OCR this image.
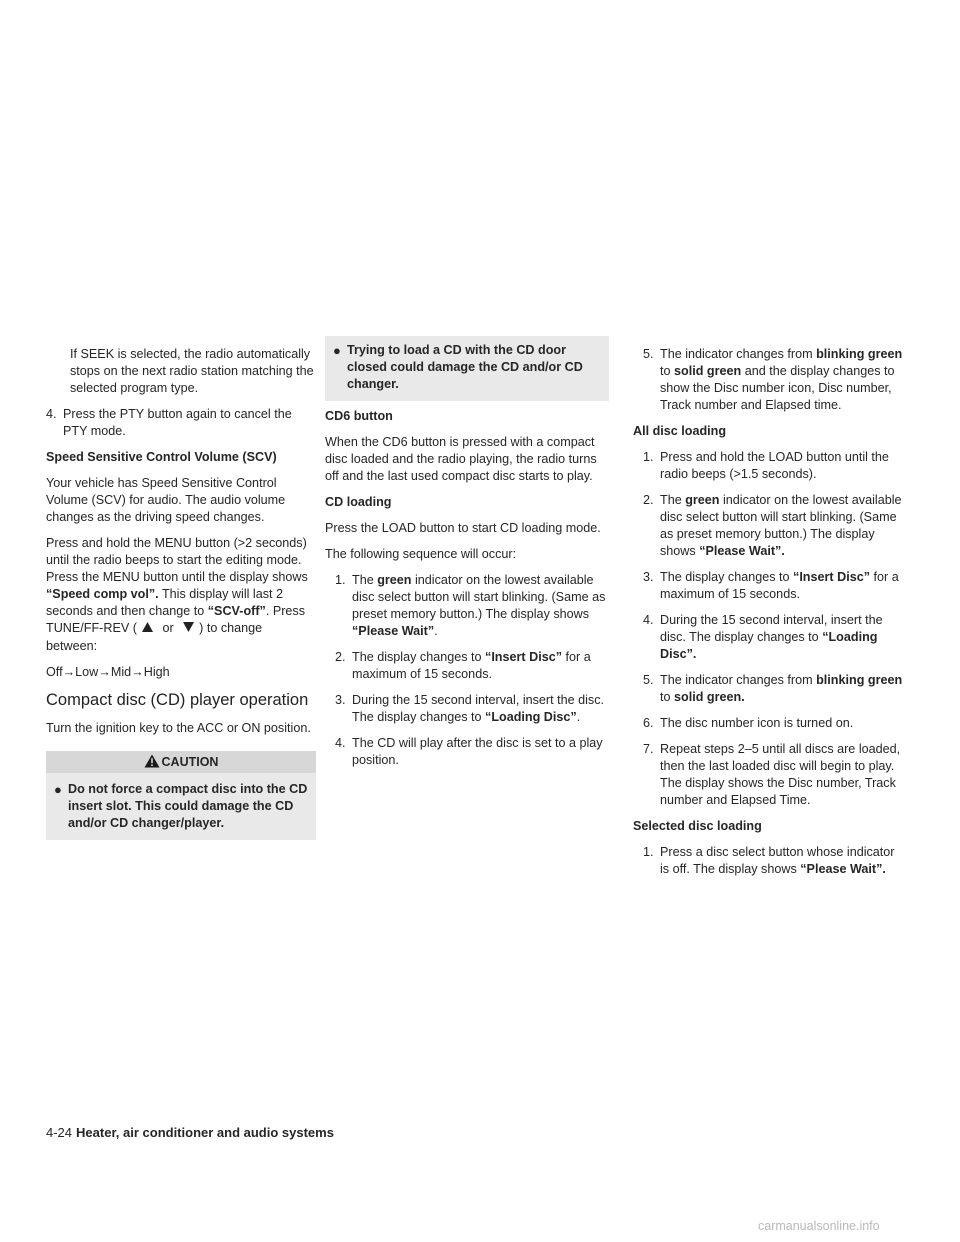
If SEEK is selected, the radio automatically stops on the next radio station matching the selected program type.

4. Press the PTY button again to cancel the PTY mode.
Speed Sensitive Control Volume (SCV)

Your vehicle has Speed Sensitive Control Volume (SCV) for audio. The audio volume changes as the driving speed changes.

Press and hold the MENU button (>2 seconds) until the radio beeps to start the editing mode. Press the MENU button until the display shows “Speed comp vol”. This display will last 2 seconds and then change to “SCV-off”. Press TUNE/FF-REV ( or ) to change between:

Off→Low→Mid→High

Compact disc (CD) player operation

Turn the ignition key to the ACC or ON position.

CAUTION
● Do not force a compact disc into the CD insert slot. This could damage the CD and/or CD changer/player.
● Trying to load a CD with the CD door closed could damage the CD and/or CD changer.
CD6 button

When the CD6 button is pressed with a compact disc loaded and the radio playing, the radio turns off and the last used compact disc starts to play.

CD loading

Press the LOAD button to start CD loading mode.

The following sequence will occur:

1. The green indicator on the lowest available disc select button will start blinking. (Same as preset memory button.) The display shows “Please Wait”.
2. The display changes to “Insert Disc” for a maximum of 15 seconds.
3. During the 15 second interval, insert the disc. The display changes to “Loading Disc”.
4. The CD will play after the disc is set to a play position.
5. The indicator changes from blinking green to solid green and the display changes to show the Disc number icon, Disc number, Track number and Elapsed time.
All disc loading
1. Press and hold the LOAD button until the radio beeps (>1.5 seconds).
2. The green indicator on the lowest available disc select button will start blinking. (Same as preset memory button.) The display shows “Please Wait”.
3. The display changes to “Insert Disc” for a maximum of 15 seconds.
4. During the 15 second interval, insert the disc. The display changes to “Loading Disc”.
5. The indicator changes from blinking green to solid green.
6. The disc number icon is turned on.
7. Repeat steps 2–5 until all discs are loaded, then the last loaded disc will begin to play. The display shows the Disc number, Track number and Elapsed Time.
Selected disc loading
1. Press a disc select button whose indicator is off. The display shows “Please Wait”.
4-24 Heater, air conditioner and audio systems
carmanualsonline.info
